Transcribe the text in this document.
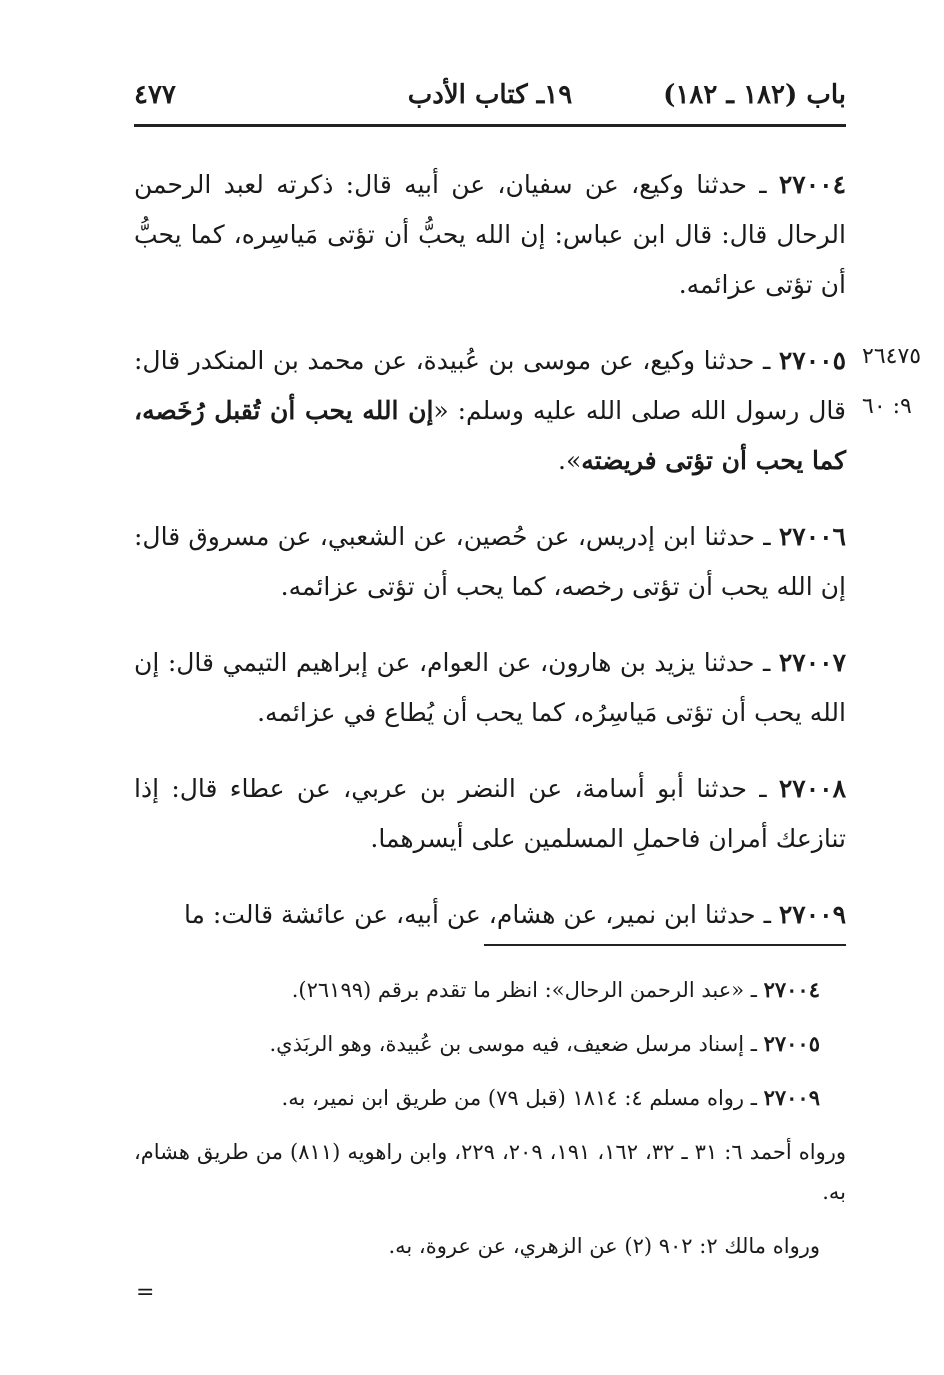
باب (١٨٢ ـ ١٨٢)
١٩ـ كتاب الأدب
٤٧٧

٢٧٠٠٤ ـ حدثنا وكيع، عن سفيان، عن أبيه قال: ذكرته لعبد الرحمن الرحال قال: قال ابن عباس: إن الله يحبُّ أن تؤتى مَياسِره، كما يحبُّ أن تؤتى عزائمه.

٢٧٠٠٥ ـ حدثنا وكيع، عن موسى بن عُبيدة، عن محمد بن المنكدر قال: قال رسول الله صلى الله عليه وسلم: «إن الله يحب أن تُقبل رُخَصه، كما يحب أن تؤتى فريضته».

٢٧٠٠٦ ـ حدثنا ابن إدريس، عن حُصين، عن الشعبي، عن مسروق قال: إن الله يحب أن تؤتى رخصه، كما يحب أن تؤتى عزائمه.

٢٧٠٠٧ ـ حدثنا يزيد بن هارون، عن العوام، عن إبراهيم التيمي قال: إن الله يحب أن تؤتى مَياسِرُه، كما يحب أن يُطاع في عزائمه.

٢٧٠٠٨ ـ حدثنا أبو أسامة، عن النضر بن عربي، عن عطاء قال: إذا تنازعك أمران فاحملِ المسلمين على أيسرهما.

٢٧٠٠٩ ـ حدثنا ابن نمير، عن هشام، عن أبيه، عن عائشة قالت: ما

٢٦٤٧٥
٩: ٦٠

٢٧٠٠٤ ـ «عبد الرحمن الرحال»: انظر ما تقدم برقم (٢٦١٩٩).

٢٧٠٠٥ ـ إسناد مرسل ضعيف، فيه موسى بن عُبيدة، وهو الربَذي.

٢٧٠٠٩ ـ رواه مسلم ٤: ١٨١٤ (قبل ٧٩) من طريق ابن نمير، به.

ورواه أحمد ٦: ٣١ ـ ٣٢، ١٦٢، ١٩١، ٢٠٩، ٢٢٩، وابن راهويه (٨١١) من طريق هشام، به.

ورواه مالك ٢: ٩٠٢ (٢) عن الزهري، عن عروة، به.

=
